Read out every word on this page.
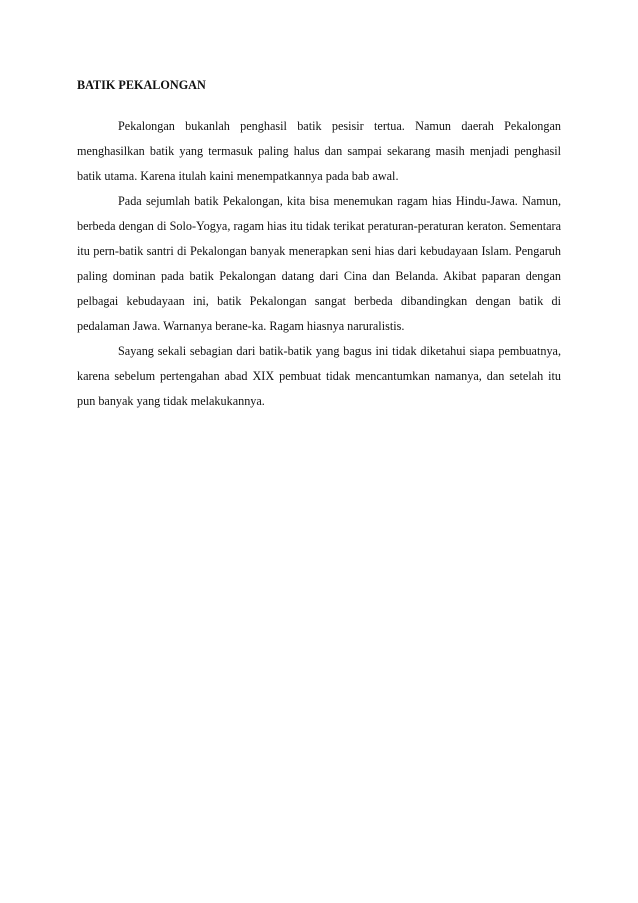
BATIK PEKALONGAN

Pekalongan bukanlah penghasil batik pesisir tertua. Namun daerah Pekalongan menghasilkan batik yang termasuk paling halus dan sampai sekarang masih menjadi penghasil batik utama. Karena itulah kaini menempatkannya pada bab awal.

Pada sejumlah batik Pekalongan, kita bisa menemukan ragam hias Hindu-Jawa. Namun, berbeda dengan di Solo-Yogya, ragam hias itu tidak terikat peraturan-peraturan keraton. Sementara itu pern-batik santri di Pekalongan banyak menerapkan seni hias dari kebudayaan Islam. Pengaruh paling dominan pada batik Pekalongan datang dari Cina dan Belanda. Akibat paparan dengan pelbagai kebudayaan ini, batik Pekalongan sangat berbeda dibandingkan dengan batik di pedalaman Jawa. Warnanya berane-ka. Ragam hiasnya naruralistis.

Sayang sekali sebagian dari batik-batik yang bagus ini tidak diketahui siapa pembuatnya, karena sebelum pertengahan abad XIX pembuat tidak mencantumkan namanya, dan setelah itu pun banyak yang tidak melakukannya.
